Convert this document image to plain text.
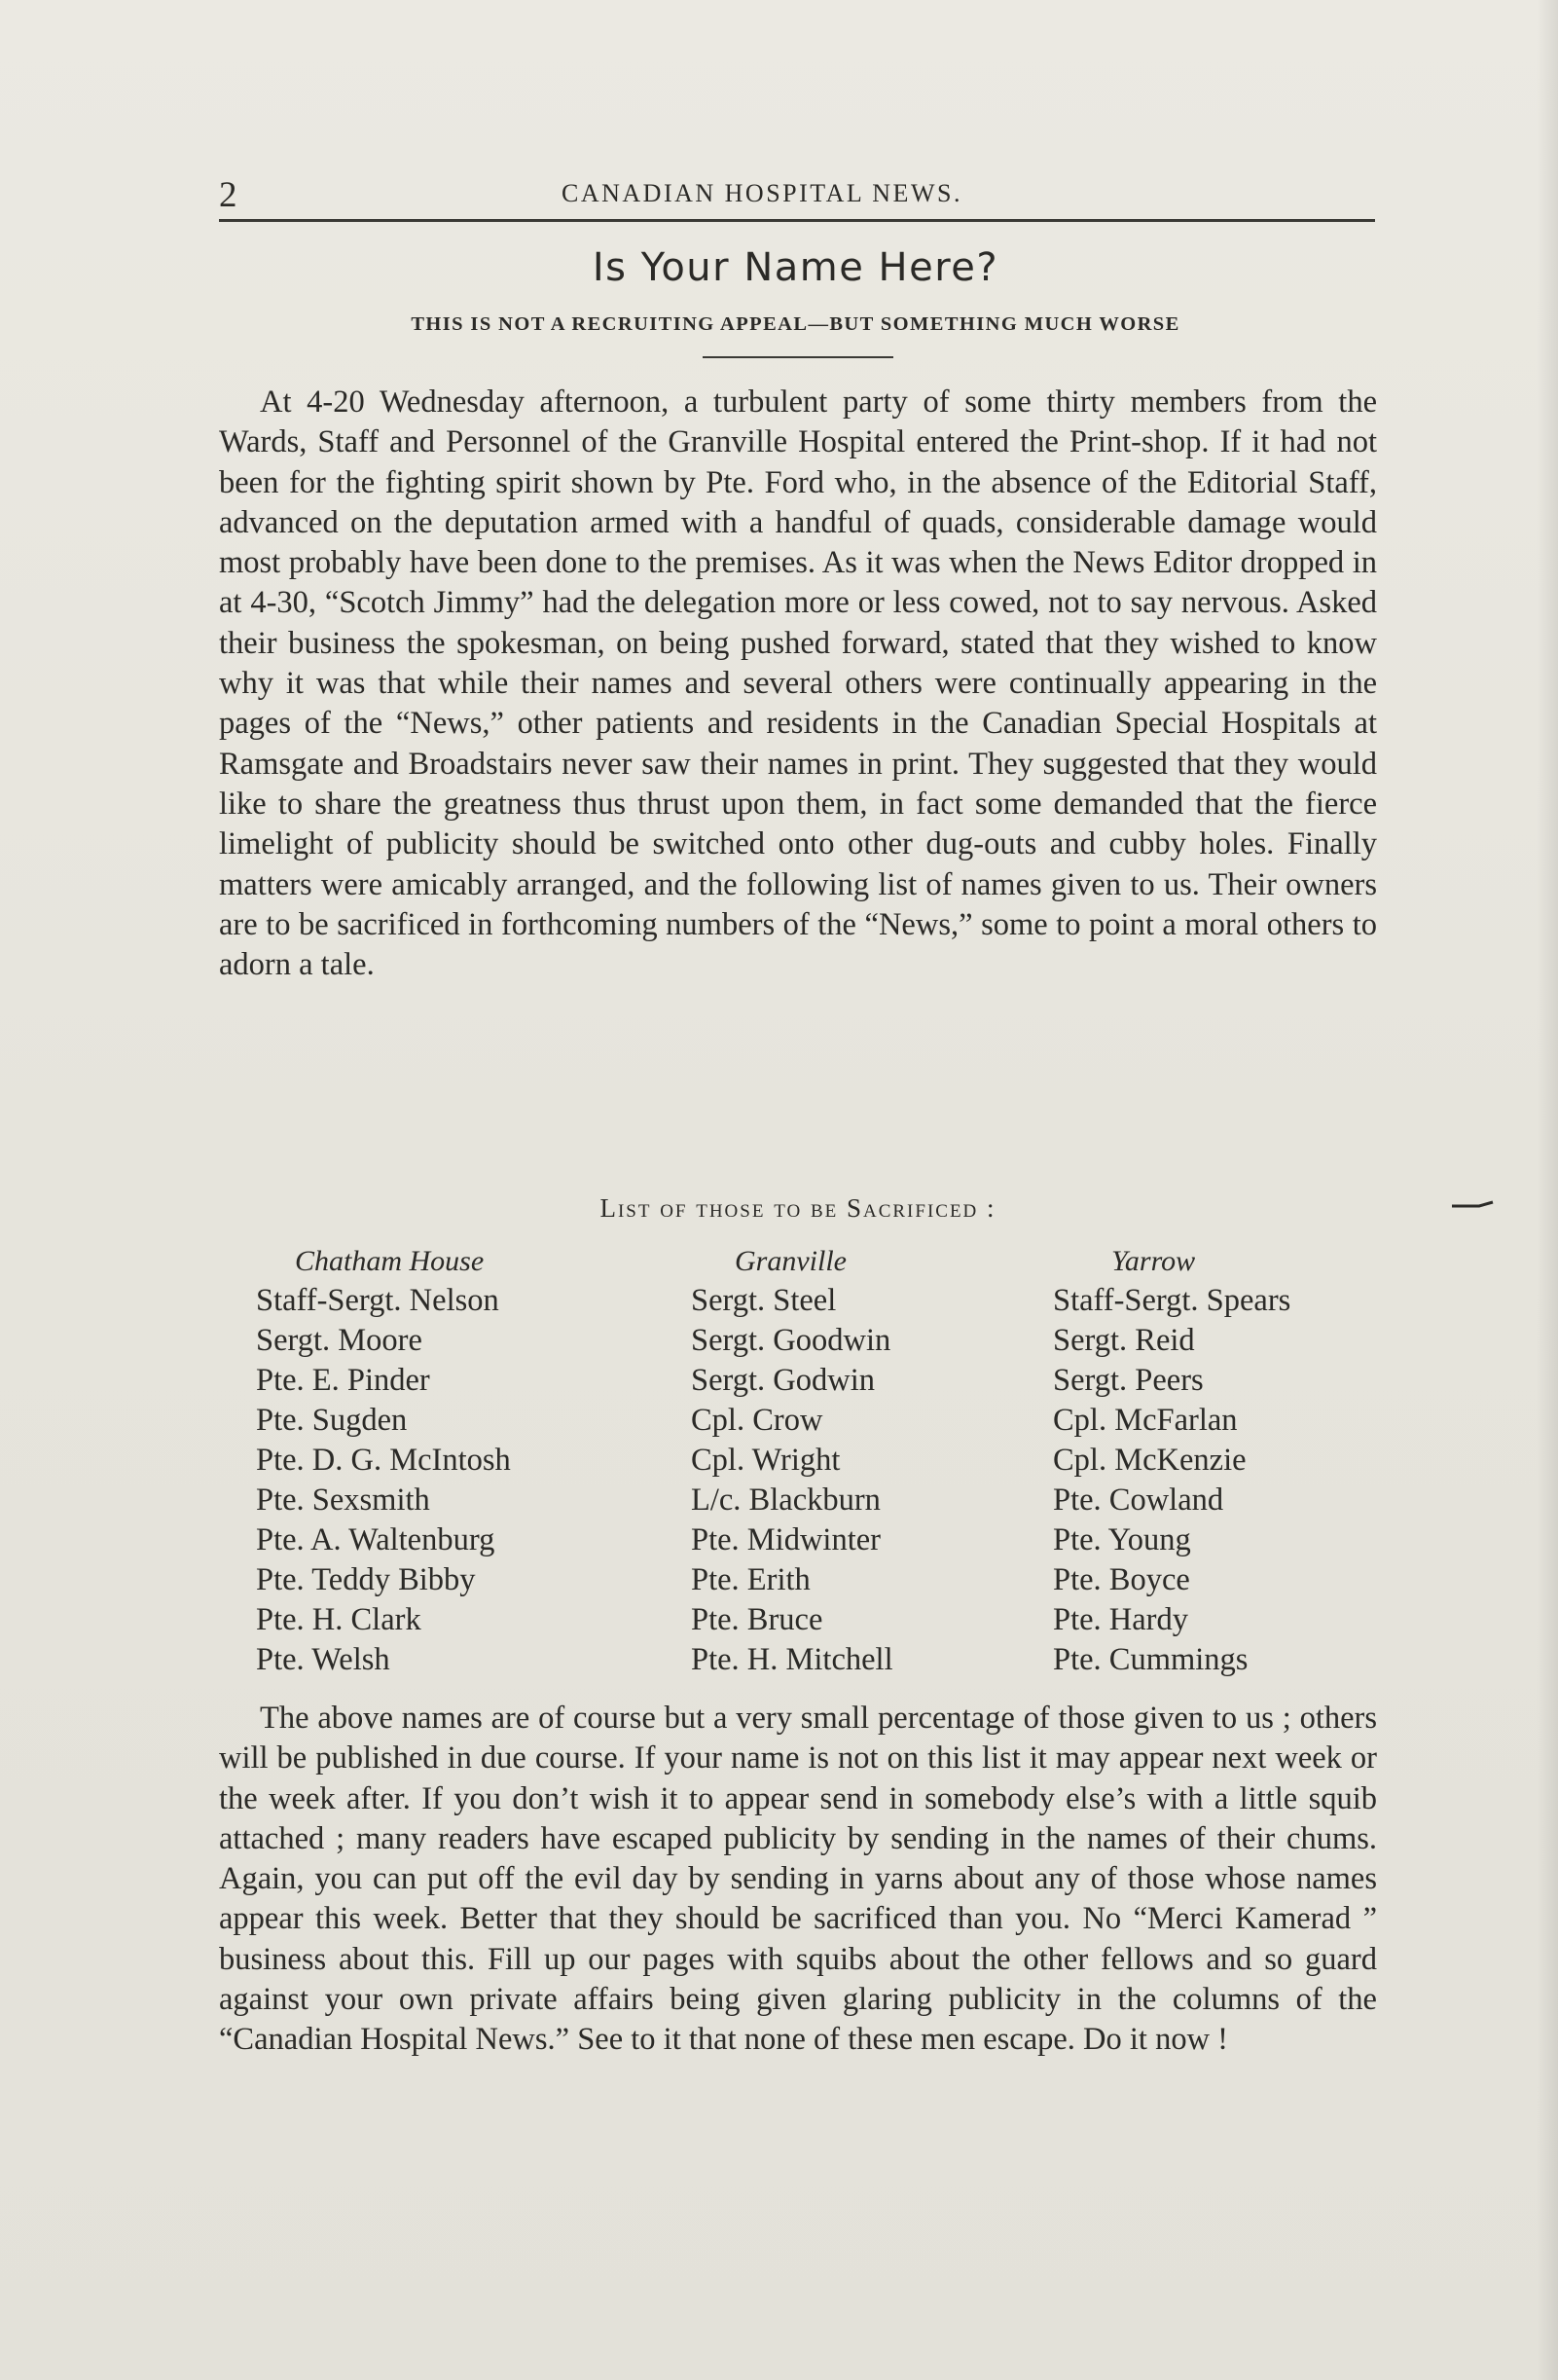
2	CANADIAN HOSPITAL NEWS.
Is Your Name Here?
THIS IS NOT A RECRUITING APPEAL—BUT SOMETHING MUCH WORSE

At 4-20 Wednesday afternoon, a turbulent party of some thirty members from the Wards, Staff and Personnel of the Granville Hospital entered the Print-shop. If it had not been for the fighting spirit shown by Pte. Ford who, in the absence of the Editorial Staff, advanced on the deputation armed with a handful of quads, considerable damage would most probably have been done to the premises. As it was when the News Editor dropped in at 4-30, “Scotch Jimmy” had the delegation more or less cowed, not to say nervous. Asked their business the spokesman, on being pushed forward, stated that they wished to know why it was that while their names and several others were continually appearing in the pages of the “News,” other patients and residents in the Canadian Special Hospitals at Ramsgate and Broadstairs never saw their names in print. They suggested that they would like to share the greatness thus thrust upon them, in fact some demanded that the fierce limelight of publicity should be switched onto other dug-outs and cubby holes. Finally matters were amicably arranged, and the following list of names given to us. Their owners are to be sacrificed in forthcoming numbers of the “News,” some to point a moral others to adorn a tale.

List of those to be Sacrificed :
Chatham House
Staff-Sergt. Nelson
Sergt. Moore
Pte. E. Pinder
Pte. Sugden
Pte. D. G. McIntosh
Pte. Sexsmith
Pte. A. Waltenburg
Pte. Teddy Bibby
Pte. H. Clark
Pte. Welsh
Granville
Sergt. Steel
Sergt. Goodwin
Sergt. Godwin
Cpl. Crow
Cpl. Wright
L/c. Blackburn
Pte. Midwinter
Pte. Erith
Pte. Bruce
Pte. H. Mitchell
Yarrow
Staff-Sergt. Spears
Sergt. Reid
Sergt. Peers
Cpl. McFarlan
Cpl. McKenzie
Pte. Cowland
Pte. Young
Pte. Boyce
Pte. Hardy
Pte. Cummings

The above names are of course but a very small percentage of those given to us ; others will be published in due course. If your name is not on this list it may appear next week or the week after. If you don’t wish it to appear send in somebody else’s with a little squib attached ; many readers have escaped publicity by sending in the names of their chums. Again, you can put off the evil day by sending in yarns about any of those whose names appear this week. Better that they should be sacrificed than you. No “Merci Kamerad ” business about this. Fill up our pages with squibs about the other fellows and so guard against your own private affairs being given glaring publicity in the columns of the “Canadian Hospital News.” See to it that none of these men escape. Do it now !
